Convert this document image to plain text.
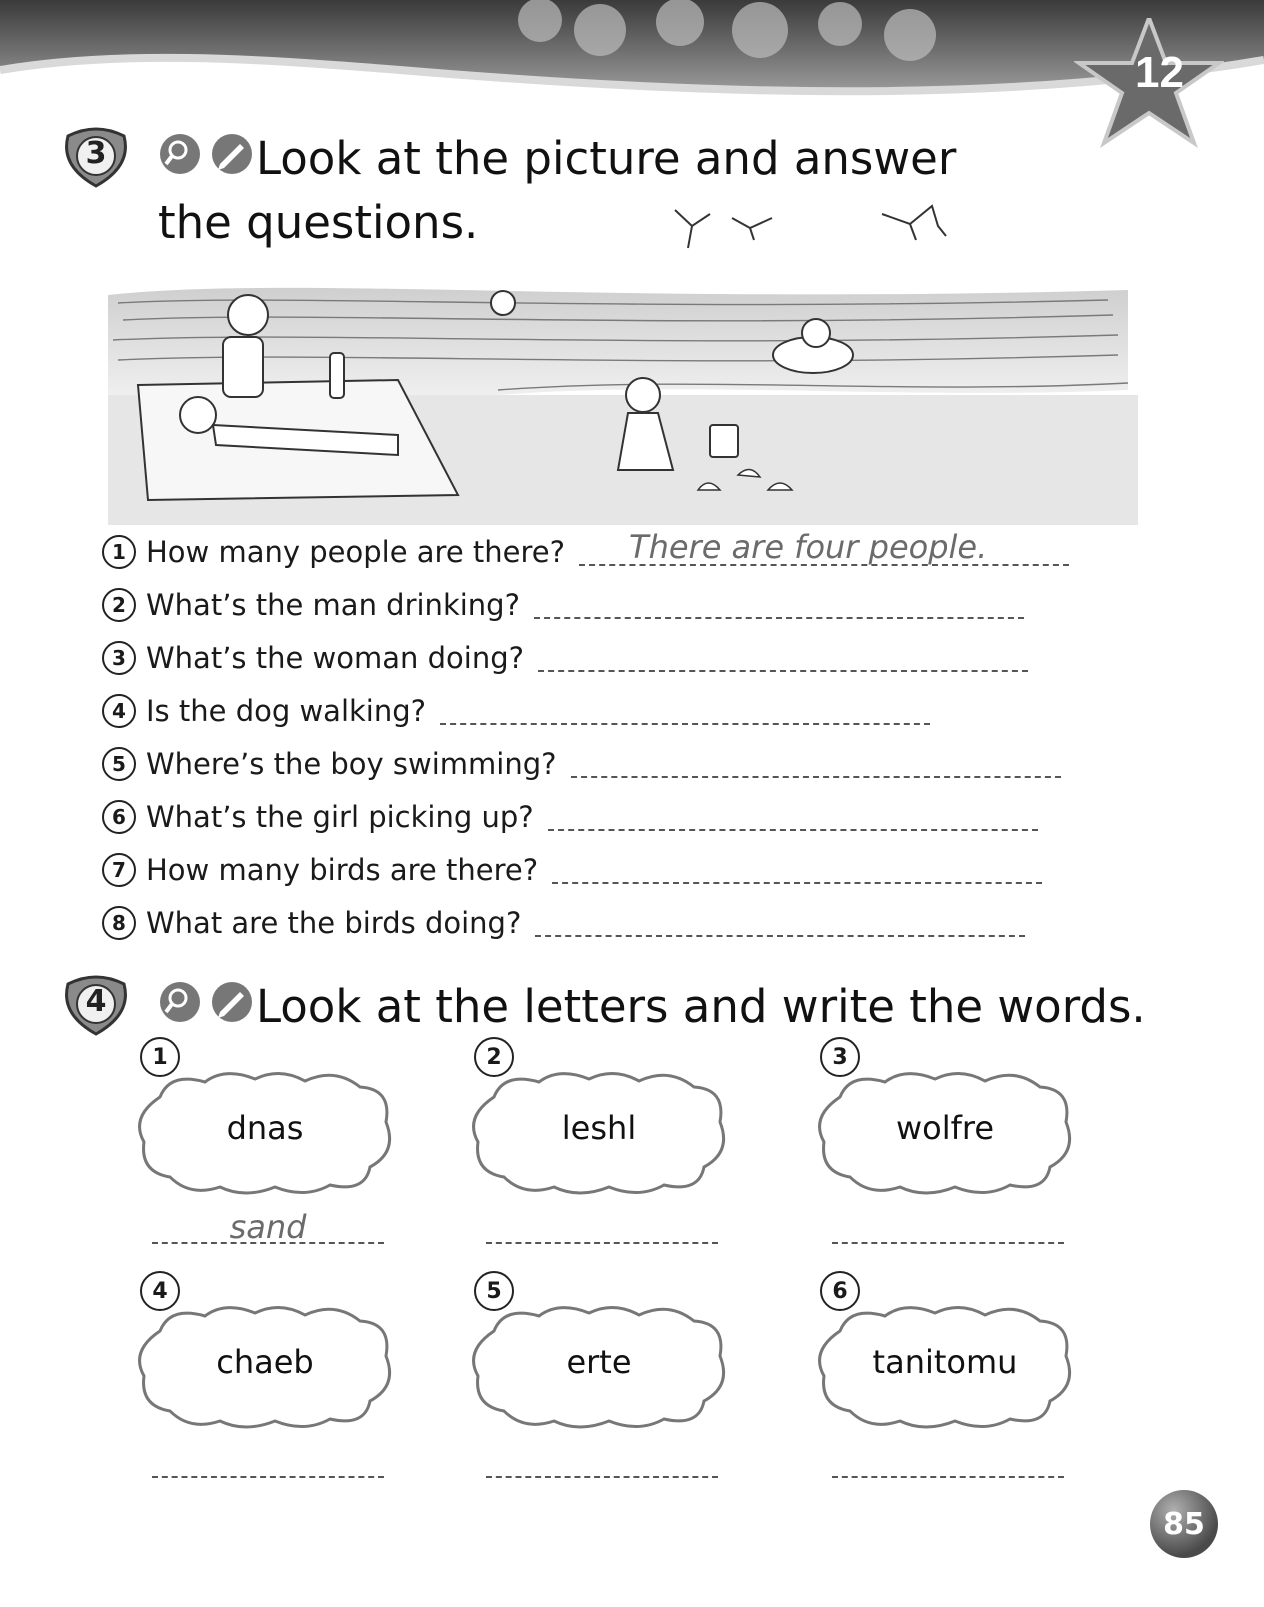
12
3	Look at the picture and answer
the questions.
1 How many people are there? There are four people.
2 What’s the man drinking?
3 What’s the woman doing?
4 Is the dog walking?
5 Where’s the boy swimming?
6 What’s the girl picking up?
7 How many birds are there?
8 What are the birds doing?
4	Look at the letters and write the words.
1
dnas
sand
2
leshl
3
wolfre
4
chaeb
5
erte
6
tanitomu
85
